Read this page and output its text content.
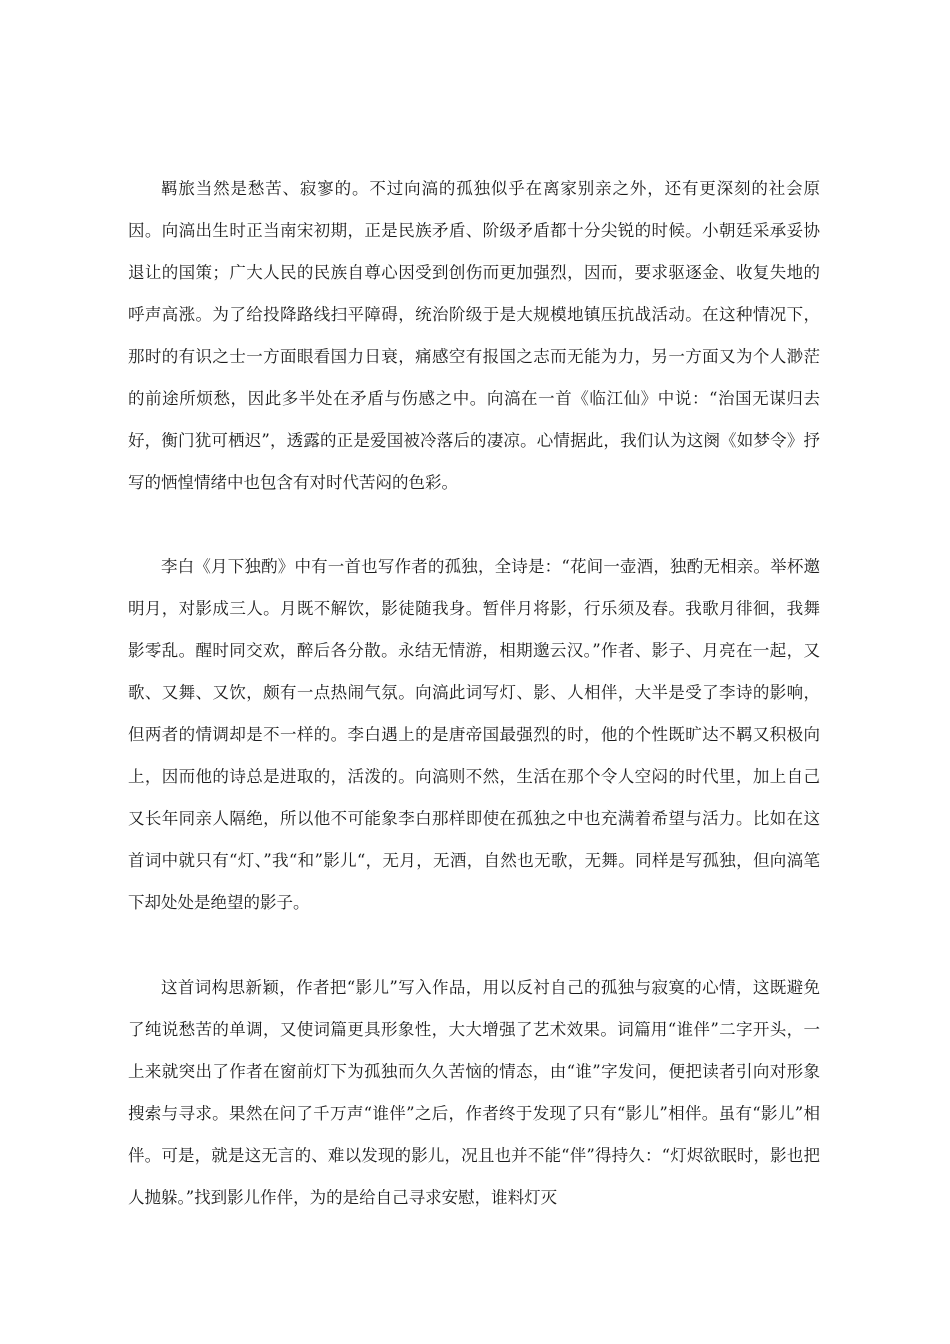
羁旅当然是愁苦、寂寥的。不过向滈的孤独似乎在离家别亲之外，还有更深刻的社会原因。向滈出生时正当南宋初期，正是民族矛盾、阶级矛盾都十分尖锐的时候。小朝廷采承妥协退让的国策；广大人民的民族自尊心因受到创伤而更加强烈，因而，要求驱逐金、收复失地的呼声高涨。为了给投降路线扫平障碍，统治阶级于是大规模地镇压抗战活动。在这种情况下，那时的有识之士一方面眼看国力日衰，痛感空有报国之志而无能为力，另一方面又为个人渺茫的前途所烦愁，因此多半处在矛盾与伤感之中。向滈在一首《临江仙》中说：“治国无谋归去好，衡门犹可栖迟”，透露的正是爱国被冷落后的凄凉。心情据此，我们认为这阕《如梦令》抒写的恓惶情绪中也包含有对时代苦闷的色彩。

李白《月下独酌》中有一首也写作者的孤独，全诗是：“花间一壶酒，独酌无相亲。举杯邀明月，对影成三人。月既不解饮，影徒随我身。暂伴月将影，行乐须及春。我歌月徘徊，我舞影零乱。醒时同交欢，醉后各分散。永结无情游，相期邈云汉。”作者、影子、月亮在一起，又歌、又舞、又饮，颇有一点热闹气氛。向滈此词写灯、影、人相伴，大半是受了李诗的影响，但两者的情调却是不一样的。李白遇上的是唐帝国最强烈的时，他的个性既旷达不羁又积极向上，因而他的诗总是进取的，活泼的。向滈则不然，生活在那个令人空闷的时代里，加上自己又长年同亲人隔绝，所以他不可能象李白那样即使在孤独之中也充满着希望与活力。比如在这首词中就只有“灯、”我“和”影儿“，无月，无酒，自然也无歌，无舞。同样是写孤独，但向滈笔下却处处是绝望的影子。

这首词构思新颖，作者把“影儿”写入作品，用以反衬自己的孤独与寂寞的心情，这既避免了纯说愁苦的单调，又使词篇更具形象性，大大增强了艺术效果。词篇用“谁伴”二字开头，一上来就突出了作者在窗前灯下为孤独而久久苦恼的情态，由“谁”字发问，便把读者引向对形象搜索与寻求。果然在问了千万声“谁伴”之后，作者终于发现了只有“影儿”相伴。虽有“影儿”相伴。可是，就是这无言的、难以发现的影儿，况且也并不能“伴”得持久：“灯烬欲眠时，影也把人抛躲。”找到影儿作伴，为的是给自己寻求安慰，谁料灯灭
